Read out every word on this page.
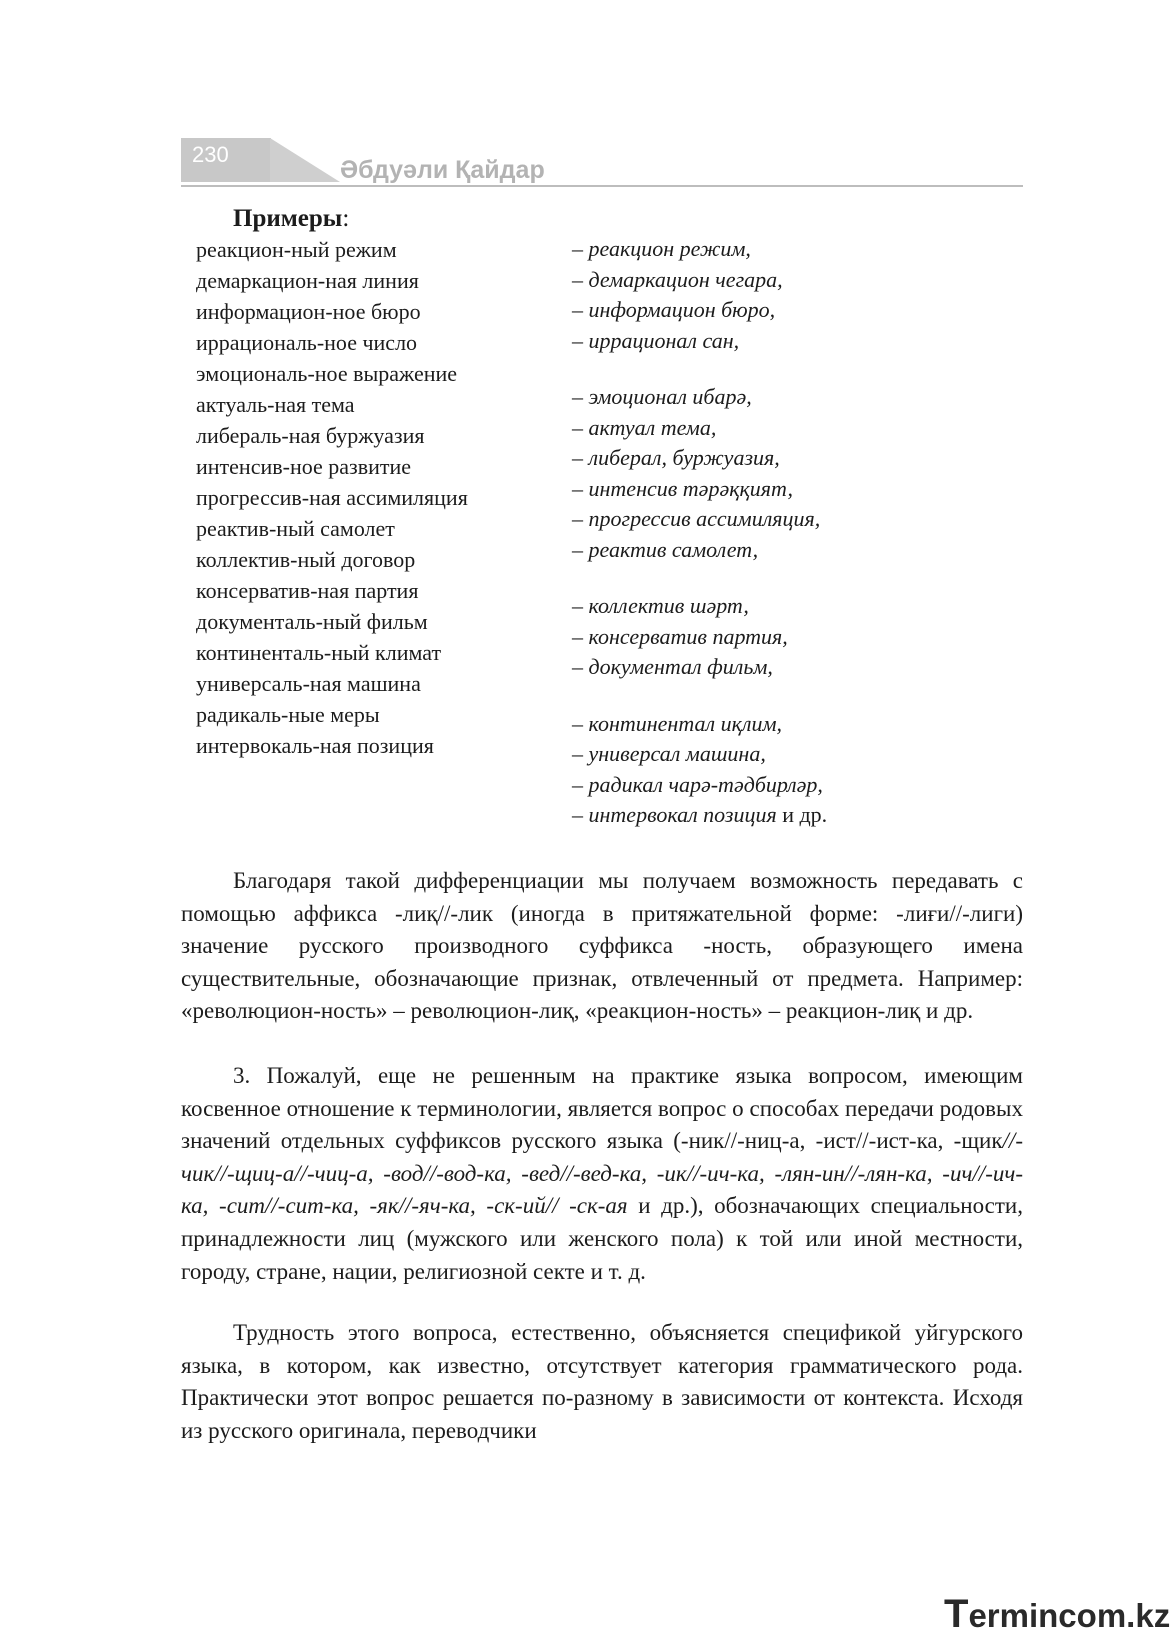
230
Әбдуәли Қайдар
Примеры:
реакцион-ный режим
демаркацион-ная линия
информацион-ное бюро
иррациональ-ное число
эмоциональ-ное выражение
актуаль-ная тема
либераль-ная буржуазия
интенсив-ное развитие
прогрессив-ная ассимиляция
реактив-ный самолет
коллектив-ный договор
консерватив-ная партия
документаль-ный фильм
континенталь-ный климат
универсаль-ная машина
радикаль-ные меры
интервокаль-ная позиция
– реакцион режим,
– демаркацион чегара,
– информацион бюро,
– иррационал сан,
– эмоционал ибарә,
– актуал тема,
– либерал, буржуазия,
– интенсив тәрәққият,
– прогрессив ассимиляция,
– реактив самолет,
– коллектив шәрт,
– консерватив партия,
– документал фильм,
– континентал иқлим,
– универсал машина,
– радикал чарә-тәдбирләр,
– интервокал позиция и др.

Благодаря такой дифференциации мы получаем возможность передавать с помощью аффикса -лиқ//-лик (иногда в притяжательной форме: -лиғи//-лиги) значение русского производного суффикса -ность, образующего имена существительные, обозначающие признак, отвлеченный от предмета. Например: «революцион-ность» – революцион-лиқ, «реакцион-ность» – реакцион-лиқ и др.

3. Пожалуй, еще не решенным на практике языка вопросом, имеющим косвенное отношение к терминологии, является вопрос о способах передачи родовых значений отдельных суффиксов русского языка (-ник//-ниц-а, -ист//-ист-ка, -щик//-чик//-щиц-а//-чиц-а, -вод//-вод-ка, -вед//-вед-ка, -ик//-ич-ка, -лян-ин//-лян-ка, -ич//-ич-ка, -сит//-сит-ка, -як//-яч-ка, -ск-ий// -ск-ая и др.), обозначающих специальности, принадлежности лиц (мужского или женского пола) к той или иной местности, городу, стране, нации, религиозной секте и т. д.

Трудность этого вопроса, естественно, объясняется спецификой уйгурского языка, в котором, как известно, отсутствует категория грамматического рода. Практически этот вопрос решается по-разному в зависимости от контекста. Исходя из русского оригинала, переводчики

Termincom.kz
